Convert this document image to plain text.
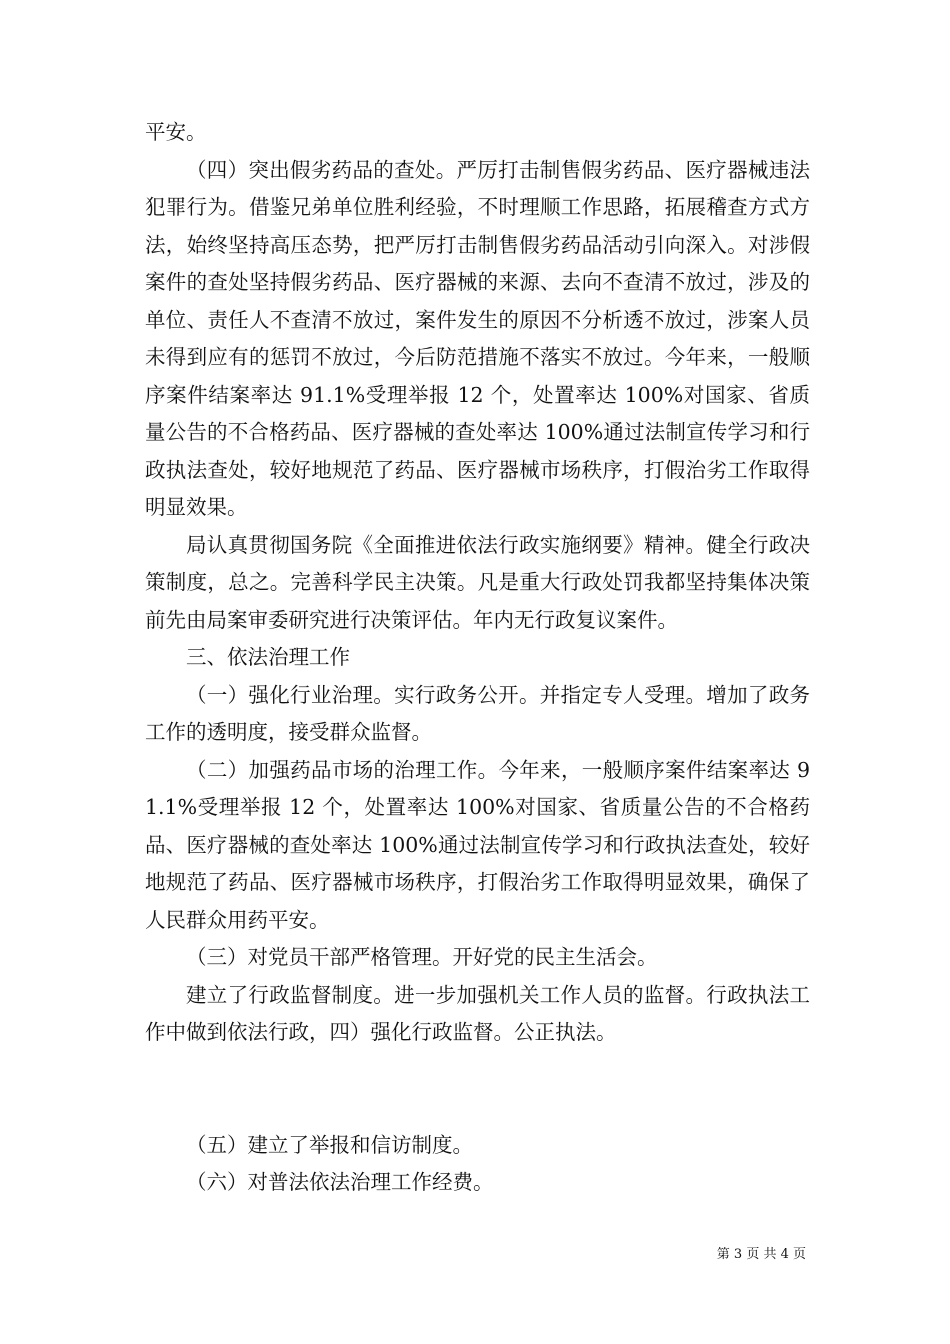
平安。

（四）突出假劣药品的查处。严厉打击制售假劣药品、医疗器械违法犯罪行为。借鉴兄弟单位胜利经验，不时理顺工作思路，拓展稽查方式方法，始终坚持高压态势，把严厉打击制售假劣药品活动引向深入。对涉假案件的查处坚持假劣药品、医疗器械的来源、去向不查清不放过，涉及的单位、责任人不查清不放过，案件发生的原因不分析透不放过，涉案人员未得到应有的惩罚不放过，今后防范措施不落实不放过。今年来，一般顺序案件结案率达 91.1%受理举报 12 个，处置率达 100%对国家、省质量公告的不合格药品、医疗器械的查处率达 100%通过法制宣传学习和行政执法查处，较好地规范了药品、医疗器械市场秩序，打假治劣工作取得明显效果。

局认真贯彻国务院《全面推进依法行政实施纲要》精神。健全行政决策制度，总之。完善科学民主决策。凡是重大行政处罚我都坚持集体决策前先由局案审委研究进行决策评估。年内无行政复议案件。

三、依法治理工作

（一）强化行业治理。实行政务公开。并指定专人受理。增加了政务工作的透明度，接受群众监督。

（二）加强药品市场的治理工作。今年来，一般顺序案件结案率达 91.1%受理举报 12 个，处置率达 100%对国家、省质量公告的不合格药品、医疗器械的查处率达 100%通过法制宣传学习和行政执法查处，较好地规范了药品、医疗器械市场秩序，打假治劣工作取得明显效果，确保了人民群众用药平安。

（三）对党员干部严格管理。开好党的民主生活会。

建立了行政监督制度。进一步加强机关工作人员的监督。行政执法工作中做到依法行政，四）强化行政监督。公正执法。

（五）建立了举报和信访制度。

（六）对普法依法治理工作经费。

第 3 页 共 4 页
